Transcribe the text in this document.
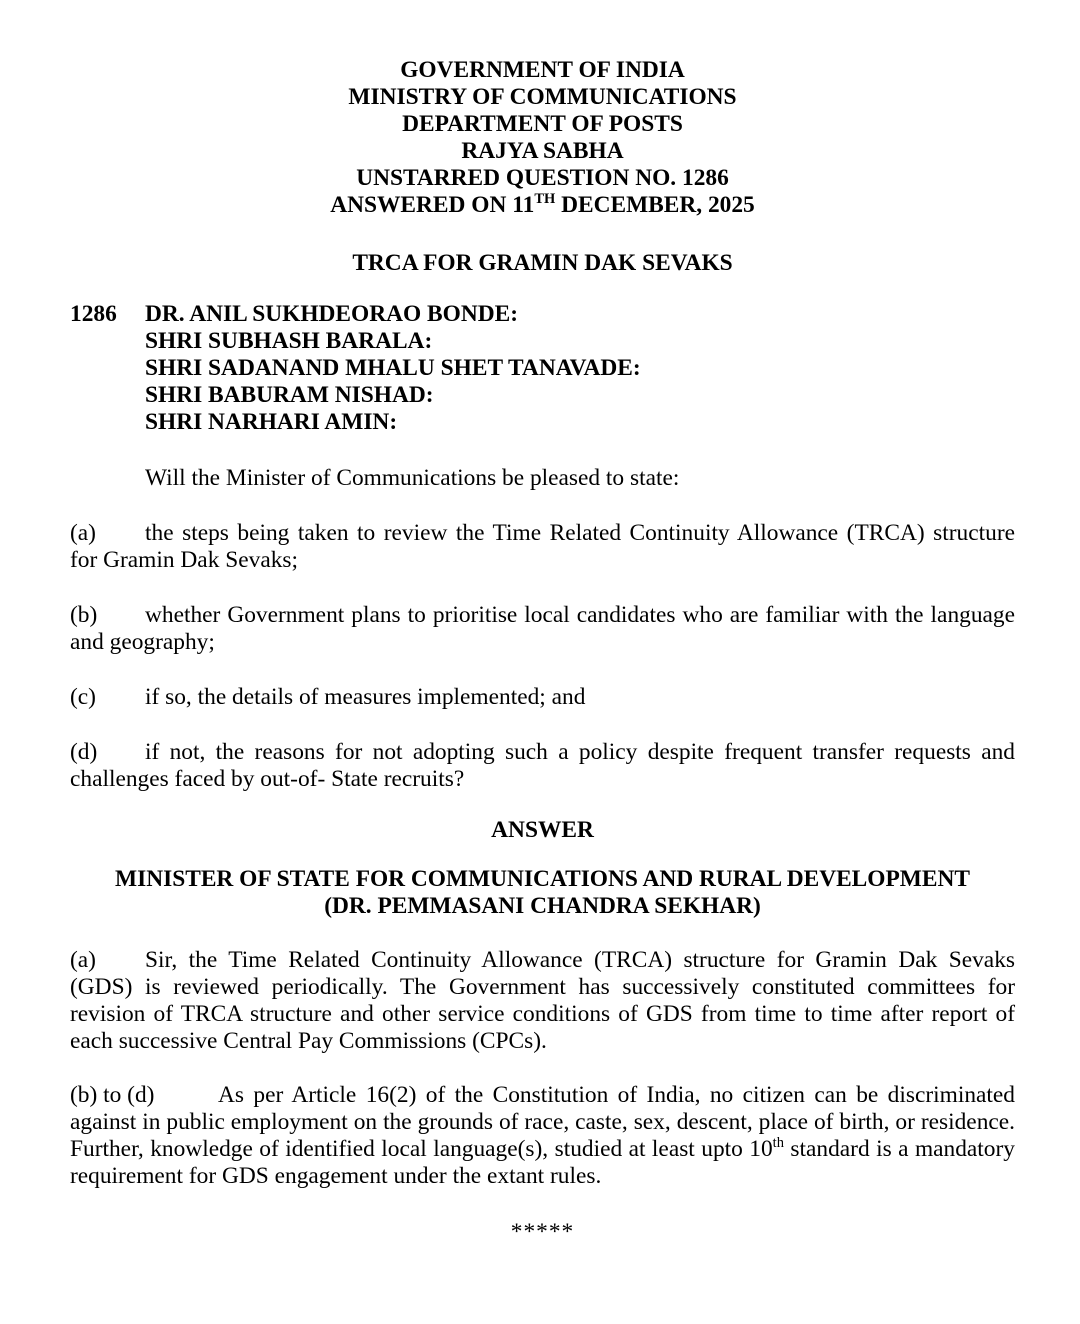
GOVERNMENT OF INDIA
MINISTRY OF COMMUNICATIONS
DEPARTMENT OF POSTS
RAJYA SABHA
UNSTARRED QUESTION NO. 1286
ANSWERED ON 11TH DECEMBER, 2025
TRCA FOR GRAMIN DAK SEVAKS
1286	DR. ANIL SUKHDEORAO BONDE:
SHRI SUBHASH BARALA:
SHRI SADANAND MHALU SHET TANAVADE:
SHRI BABURAM NISHAD:
SHRI NARHARI AMIN:

Will the Minister of Communications be pleased to state:

(a) the steps being taken to review the Time Related Continuity Allowance (TRCA) structure for Gramin Dak Sevaks;

(b) whether Government plans to prioritise local candidates who are familiar with the language and geography;

(c) if so, the details of measures implemented; and

(d) if not, the reasons for not adopting such a policy despite frequent transfer requests and challenges faced by out-of- State recruits?

ANSWER
MINISTER OF STATE FOR COMMUNICATIONS AND RURAL DEVELOPMENT
(DR. PEMMASANI CHANDRA SEKHAR)

(a) Sir, the Time Related Continuity Allowance (TRCA) structure for Gramin Dak Sevaks (GDS) is reviewed periodically. The Government has successively constituted committees for revision of TRCA structure and other service conditions of GDS from time to time after report of each successive Central Pay Commissions (CPCs).

(b) to (d)	As per Article 16(2) of the Constitution of India, no citizen can be discriminated against in public employment on the grounds of race, caste, sex, descent, place of birth, or residence. Further, knowledge of identified local language(s), studied at least upto 10th standard is a mandatory requirement for GDS engagement under the extant rules.

*****
